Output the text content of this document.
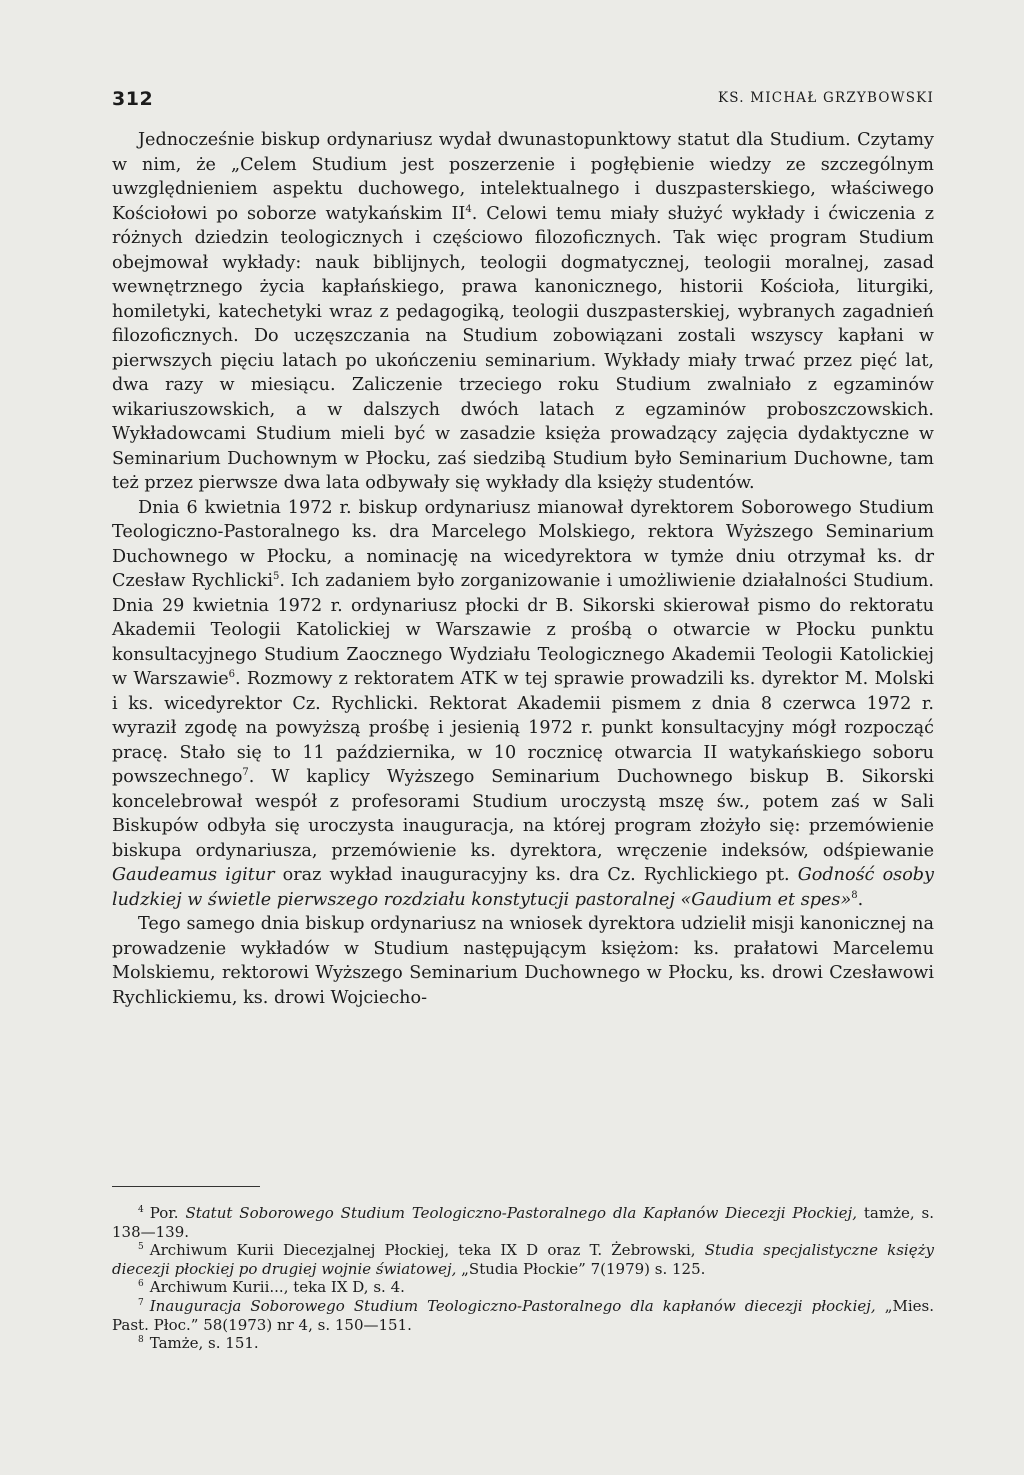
312	KS. MICHAŁ GRZYBOWSKI

Jednocześnie biskup ordynariusz wydał dwunastopunktowy statut dla Studium. Czytamy w nim, że „Celem Studium jest poszerzenie i pogłębienie wiedzy ze szczególnym uwzględnieniem aspektu duchowego, intelektualnego i duszpasterskiego, właściwego Kościołowi po soborze watykańskim $II^4$. Celowi temu miały służyć wykłady i ćwiczenia z różnych dziedzin teologicznych i częściowo filozoficznych. Tak więc program Studium obejmował wykłady: nauk biblijnych, teologii dogmatycznej, teologii moralnej, zasad wewnętrznego życia kapłańskiego, prawa kanonicznego, historii Kościoła, liturgiki, homiletyki, katechetyki wraz z pedagogiką, teologii duszpasterskiej, wybranych zagadnień filozoficznych. Do uczęszczania na Studium zobowiązani zostali wszyscy kapłani w pierwszych pięciu latach po ukończeniu seminarium. Wykłady miały trwać przez pięć lat, dwa razy w miesiącu. Zaliczenie trzeciego roku Studium zwalniało z egzaminów wikariuszowskich, a w dalszych dwóch latach z egzaminów proboszczowskich. Wykładowcami Studium mieli być w zasadzie księża prowadzący zajęcia dydaktyczne w Seminarium Duchownym w Płocku, zaś siedzibą Studium było Seminarium Duchowne, tam też przez pierwsze dwa lata odbywały się wykłady dla księży studentów.

Dnia 6 kwietnia 1972 r. biskup ordynariusz mianował dyrektorem Soborowego Studium Teologiczno-Pastoralnego ks. dra Marcelego Molskiego, rektora Wyższego Seminarium Duchownego w Płocku, a nominację na wicedyrektora w tymże dniu otrzymał ks. dr Czesław Rychlicki$^5$. Ich zadaniem było zorganizowanie i umożliwienie działalności Studium. Dnia 29 kwietnia 1972 r. ordynariusz płocki dr B. Sikorski skierował pismo do rektoratu Akademii Teologii Katolickiej w Warszawie z prośbą o otwarcie w Płocku punktu konsultacyjnego Studium Zaocznego Wydziału Teologicznego Akademii Teologii Katolickiej w Warszawie$^6$. Rozmowy z rektoratem ATK w tej sprawie prowadzili ks. dyrektor M. Molski i ks. wicedyrektor Cz. Rychlicki. Rektorat Akademii pismem z dnia 8 czerwca 1972 r. wyraził zgodę na powyższą prośbę i jesienią 1972 r. punkt konsultacyjny mógł rozpocząć pracę. Stało się to 11 października, w 10 rocznicę otwarcia II watykańskiego soboru powszechnego$^7$. W kaplicy Wyższego Seminarium Duchownego biskup B. Sikorski koncelebrował wespół z profesorami Studium uroczystą mszę św., potem zaś w Sali Biskupów odbyła się uroczysta inauguracja, na której program złożyło się: przemówienie biskupa ordynariusza, przemówienie ks. dyrektora, wręczenie indeksów, odśpiewanie Gaudeamus igitur oraz wykład inauguracyjny ks. dra Cz. Rychlickiego pt. Godność osoby ludzkiej w świetle pierwszego rozdziału konstytucji pastoralnej «Gaudium et spes»$^8$.

Tego samego dnia biskup ordynariusz na wniosek dyrektora udzielił misji kanonicznej na prowadzenie wykładów w Studium następującym księżom: ks. prałatowi Marcelemu Molskiemu, rektorowi Wyższego Seminarium Duchownego w Płocku, ks. drowi Czesławowi Rychlickiemu, ks. drowi Wojciecho-

$^4$ Por. Statut Soborowego Studium Teologiczno-Pastoralnego dla Kapłanów Diecezji Płockiej, tamże, s. 138—139.

$^5$ Archiwum Kurii Diecezjalnej Płockiej, teka IX D oraz T. Żebrowski, Studia specjalistyczne księży diecezji płockiej po drugiej wojnie światowej, „Studia Płockie” 7(1979) s. 125.

$^6$ Archiwum Kurii..., teka IX D, s. 4.

$^7$ Inauguracja Soborowego Studium Teologiczno-Pastoralnego dla kapłanów diecezji płockiej, „Mies. Past. Płoc.” 58(1973) nr 4, s. 150—151.

$^8$ Tamże, s. 151.
